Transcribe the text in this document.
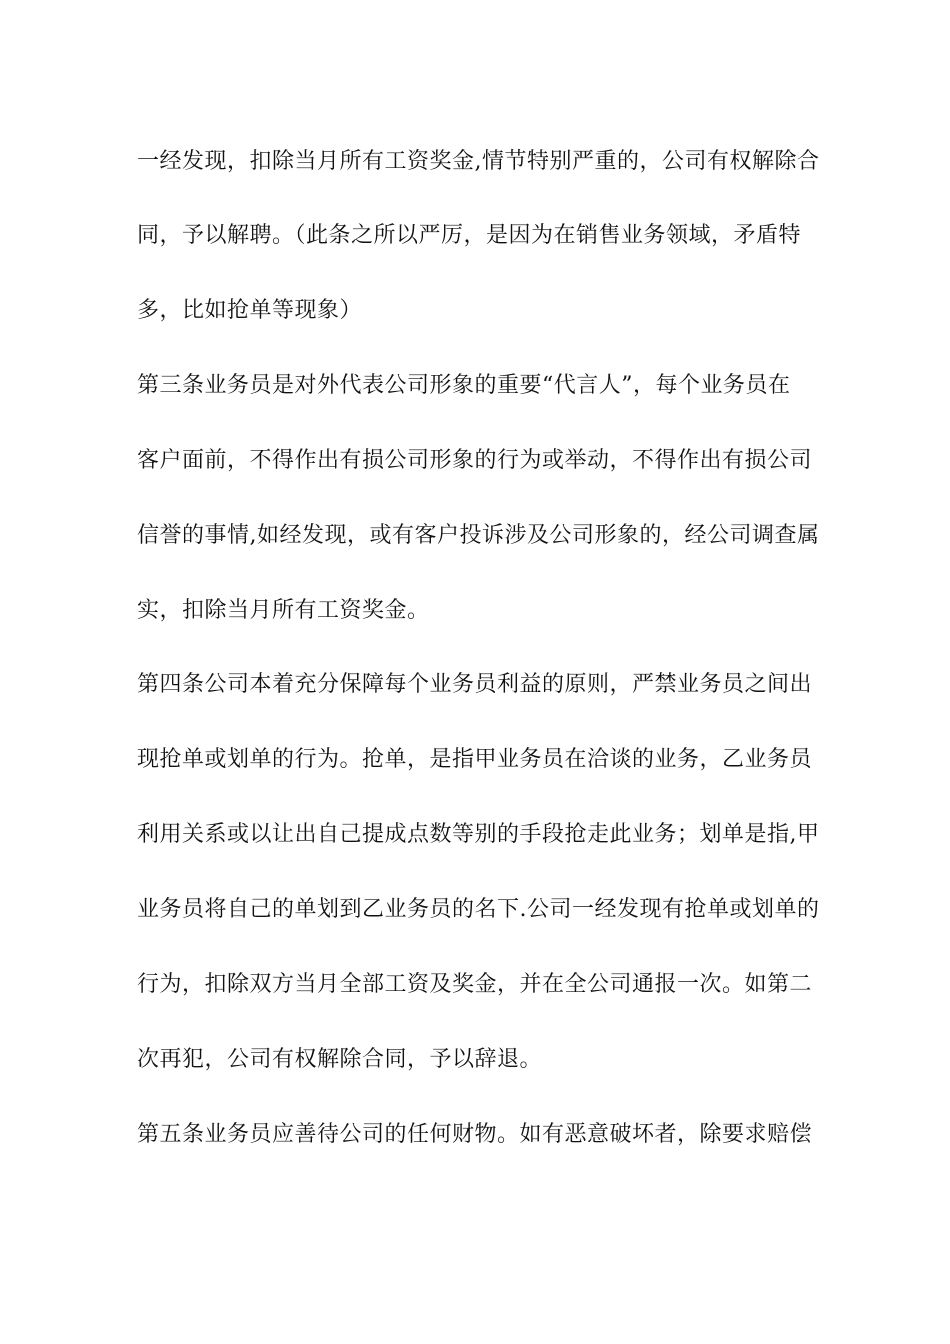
一经发现，扣除当月所有工资奖金,情节特别严重的，公司有权解除合
同，予以解聘。（此条之所以严厉，是因为在销售业务领域，矛盾特
多，比如抢单等现象）
第三条业务员是对外代表公司形象的重要“代言人”，每个业务员在
客户面前，不得作出有损公司形象的行为或举动，不得作出有损公司
信誉的事情,如经发现，或有客户投诉涉及公司形象的，经公司调查属
实，扣除当月所有工资奖金。
第四条公司本着充分保障每个业务员利益的原则，严禁业务员之间出
现抢单或划单的行为。抢单，是指甲业务员在洽谈的业务，乙业务员
利用关系或以让出自己提成点数等别的手段抢走此业务；划单是指,甲
业务员将自己的单划到乙业务员的名下.公司一经发现有抢单或划单的
行为，扣除双方当月全部工资及奖金，并在全公司通报一次。如第二
次再犯，公司有权解除合同，予以辞退。
第五条业务员应善待公司的任何财物。如有恶意破坏者，除要求赔偿
